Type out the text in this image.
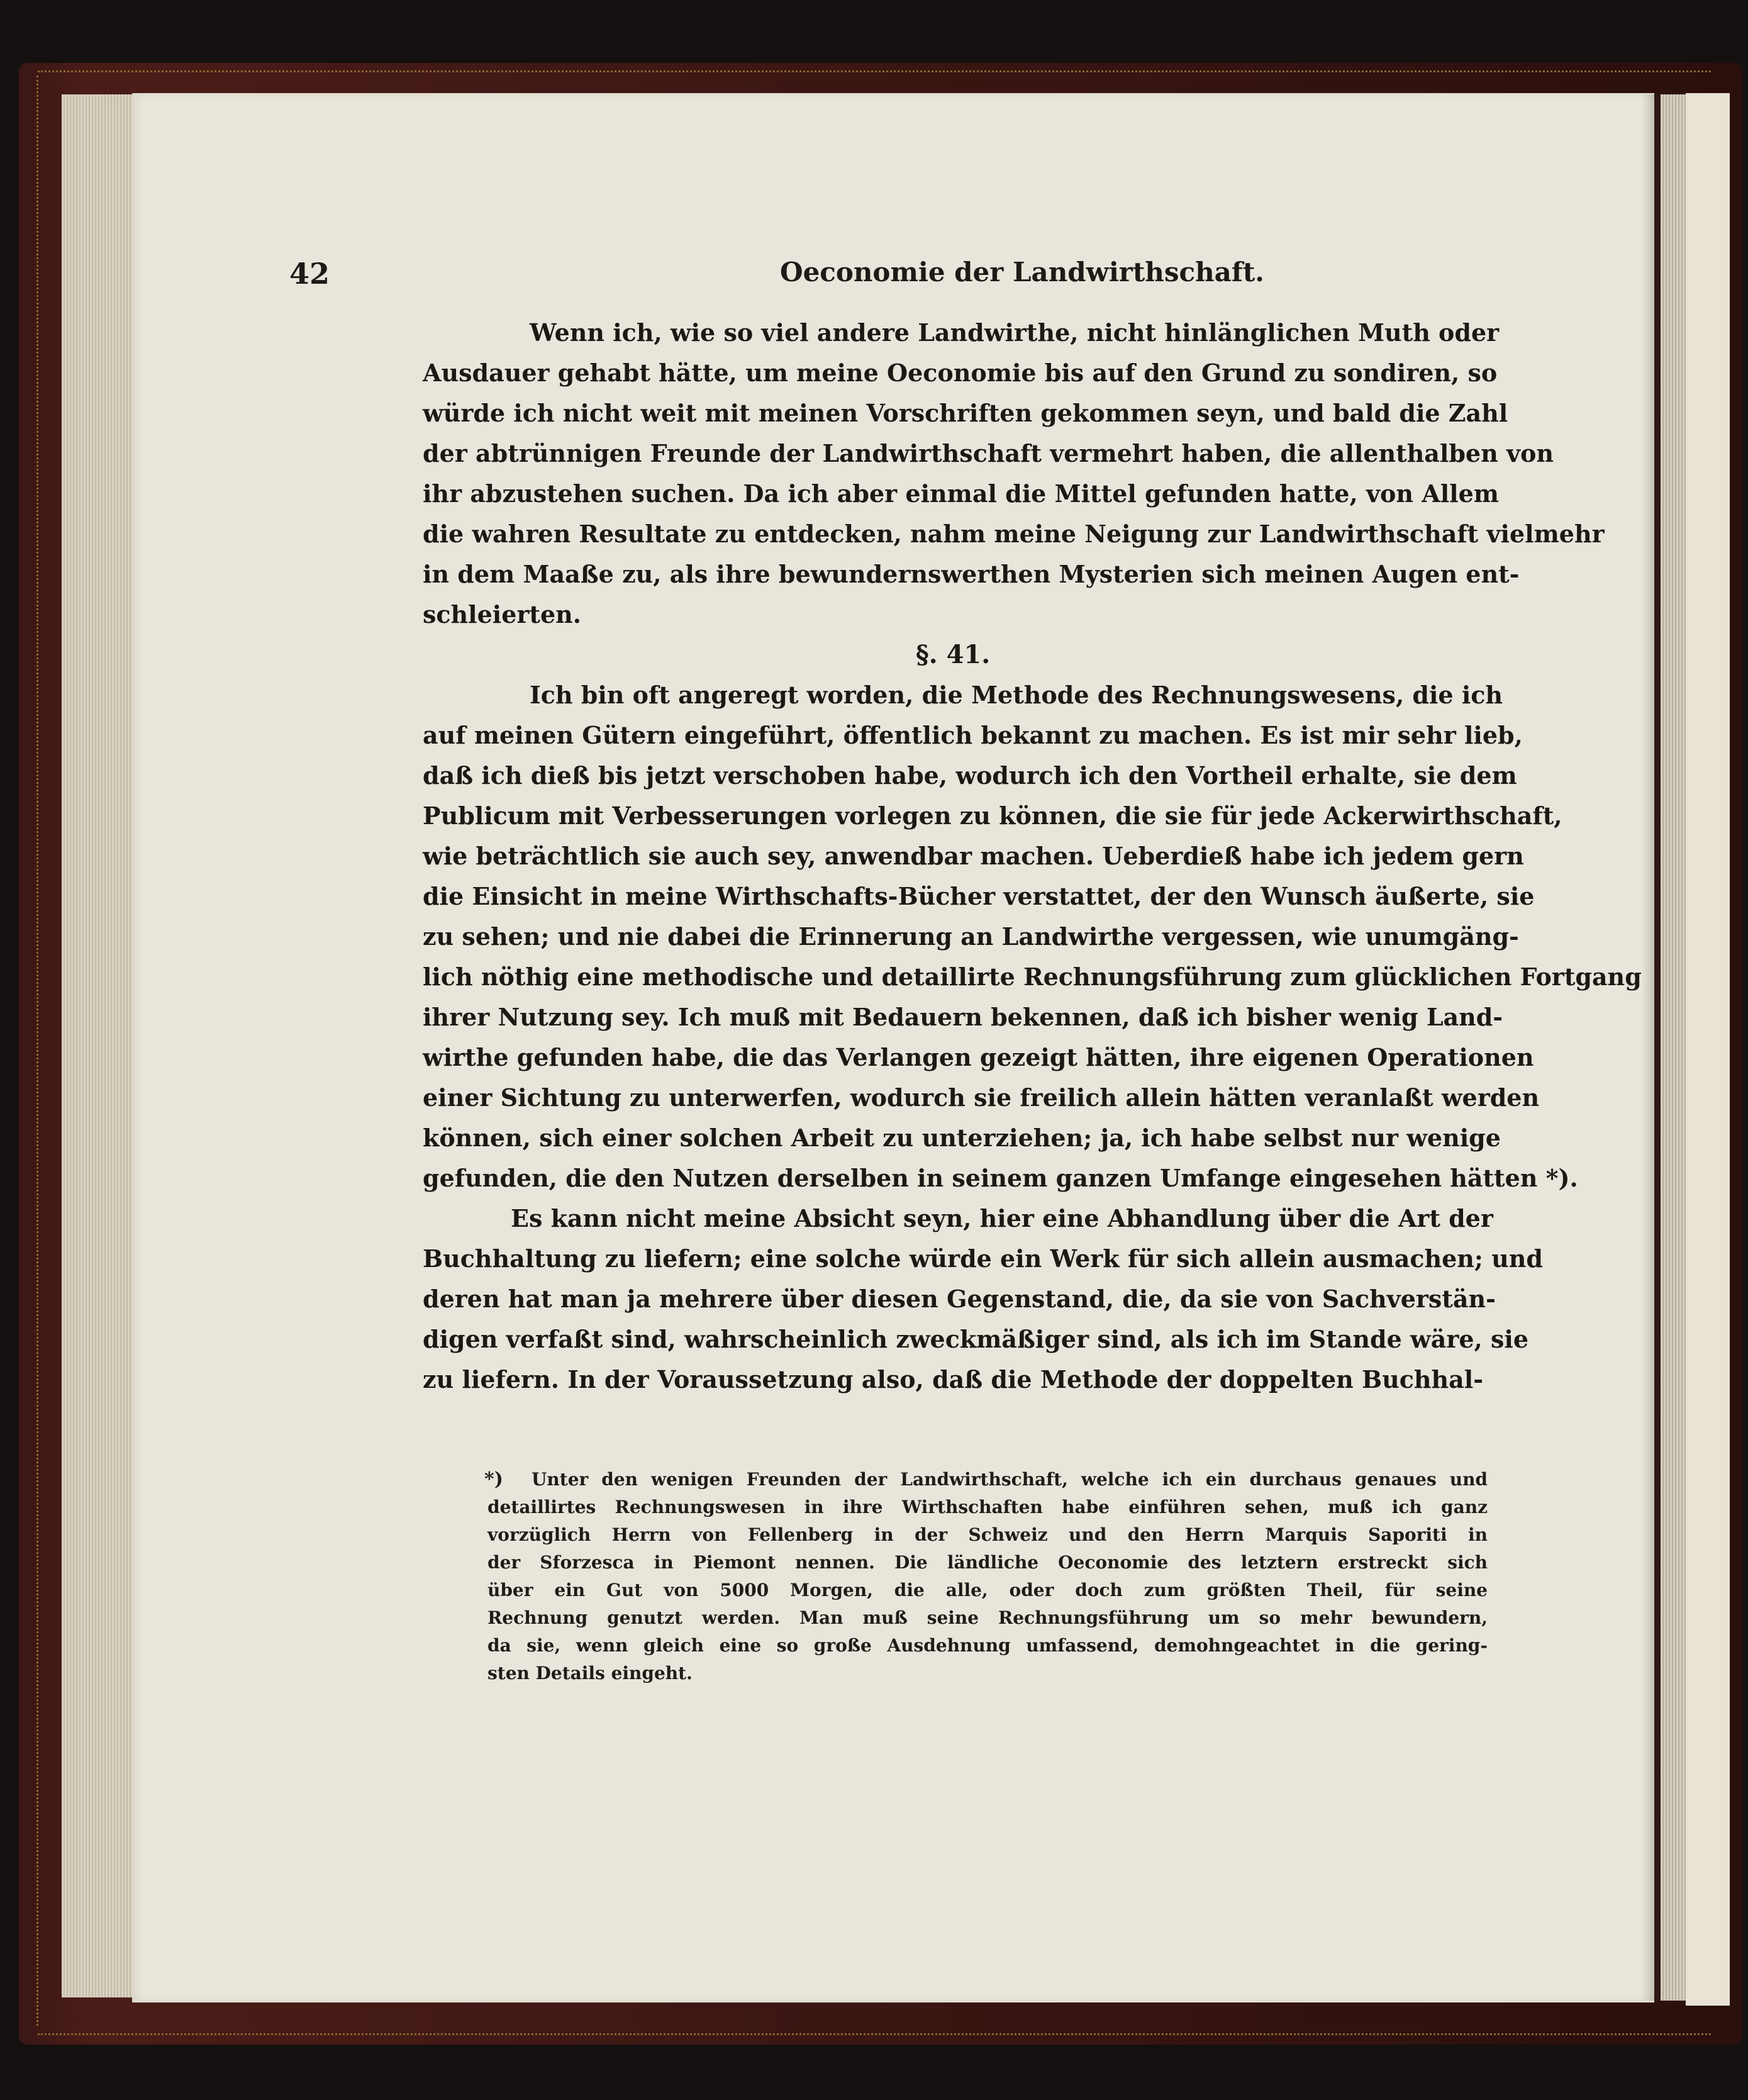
42	Oeconomie der Landwirthschaft.
Wenn ich, wie so viel andere Landwirthe, nicht hinlänglichen Muth oder
Ausdauer gehabt hätte, um meine Oeconomie bis auf den Grund zu sondiren, so
würde ich nicht weit mit meinen Vorschriften gekommen seyn, und bald die Zahl
der abtrünnigen Freunde der Landwirthschaft vermehrt haben, die allenthalben von
ihr abzustehen suchen. Da ich aber einmal die Mittel gefunden hatte, von Allem
die wahren Resultate zu entdecken, nahm meine Neigung zur Landwirthschaft vielmehr
in dem Maaße zu, als ihre bewundernswerthen Mysterien sich meinen Augen ent-
schleierten.
§. 41.
Ich bin oft angeregt worden, die Methode des Rechnungswesens, die ich
auf meinen Gütern eingeführt, öffentlich bekannt zu machen. Es ist mir sehr lieb,
daß ich dieß bis jetzt verschoben habe, wodurch ich den Vortheil erhalte, sie dem
Publicum mit Verbesserungen vorlegen zu können, die sie für jede Ackerwirthschaft,
wie beträchtlich sie auch sey, anwendbar machen. Ueberdieß habe ich jedem gern
die Einsicht in meine Wirthschafts-Bücher verstattet, der den Wunsch äußerte, sie
zu sehen; und nie dabei die Erinnerung an Landwirthe vergessen, wie unumgäng-
lich nöthig eine methodische und detaillirte Rechnungsführung zum glücklichen Fortgang
ihrer Nutzung sey. Ich muß mit Bedauern bekennen, daß ich bisher wenig Land-
wirthe gefunden habe, die das Verlangen gezeigt hätten, ihre eigenen Operationen
einer Sichtung zu unterwerfen, wodurch sie freilich allein hätten veranlaßt werden
können, sich einer solchen Arbeit zu unterziehen; ja, ich habe selbst nur wenige
gefunden, die den Nutzen derselben in seinem ganzen Umfange eingesehen hätten *).
Es kann nicht meine Absicht seyn, hier eine Abhandlung über die Art der
Buchhaltung zu liefern; eine solche würde ein Werk für sich allein ausmachen; und
deren hat man ja mehrere über diesen Gegenstand, die, da sie von Sachverstän-
digen verfaßt sind, wahrscheinlich zweckmäßiger sind, als ich im Stande wäre, sie
zu liefern. In der Voraussetzung also, daß die Methode der doppelten Buchhal-
*)	Unter den wenigen Freunden der Landwirthschaft, welche ich ein durchaus genaues und
detaillirtes Rechnungswesen in ihre Wirthschaften habe einführen sehen, muß ich ganz
vorzüglich Herrn von Fellenberg in der Schweiz und den Herrn Marquis Saporiti in
der Sforzesca in Piemont nennen. Die ländliche Oeconomie des letztern erstreckt sich
über ein Gut von 5000 Morgen, die alle, oder doch zum größten Theil, für seine
Rechnung genutzt werden. Man muß seine Rechnungsführung um so mehr bewundern,
da sie, wenn gleich eine so große Ausdehnung umfassend, demohngeachtet in die gering-
sten Details eingeht.
